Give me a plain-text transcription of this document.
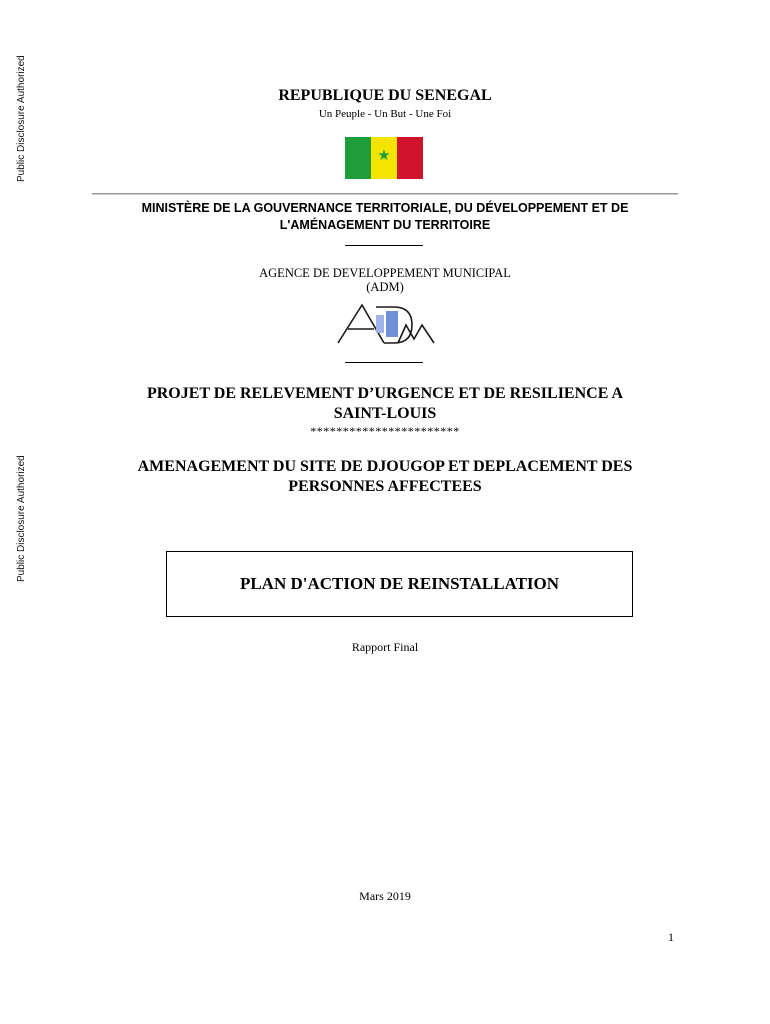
Public Disclosure Authorized
Public Disclosure Authorized
REPUBLIQUE DU SENEGAL
Un Peuple - Un But - Une Foi
★
MINISTÈRE DE LA GOUVERNANCE TERRITORIALE, DU DÉVELOPPEMENT ET DE
L'AMÉNAGEMENT DU TERRITOIRE
AGENCE DE DEVELOPPEMENT MUNICIPAL
(ADM)
PROJET DE RELEVEMENT D’URGENCE ET DE RESILIENCE A
SAINT-LOUIS
***********************
AMENAGEMENT DU SITE DE DJOUGOP ET DEPLACEMENT DES
PERSONNES AFFECTEES
PLAN D'ACTION DE REINSTALLATION
Rapport Final
Mars 2019
1
